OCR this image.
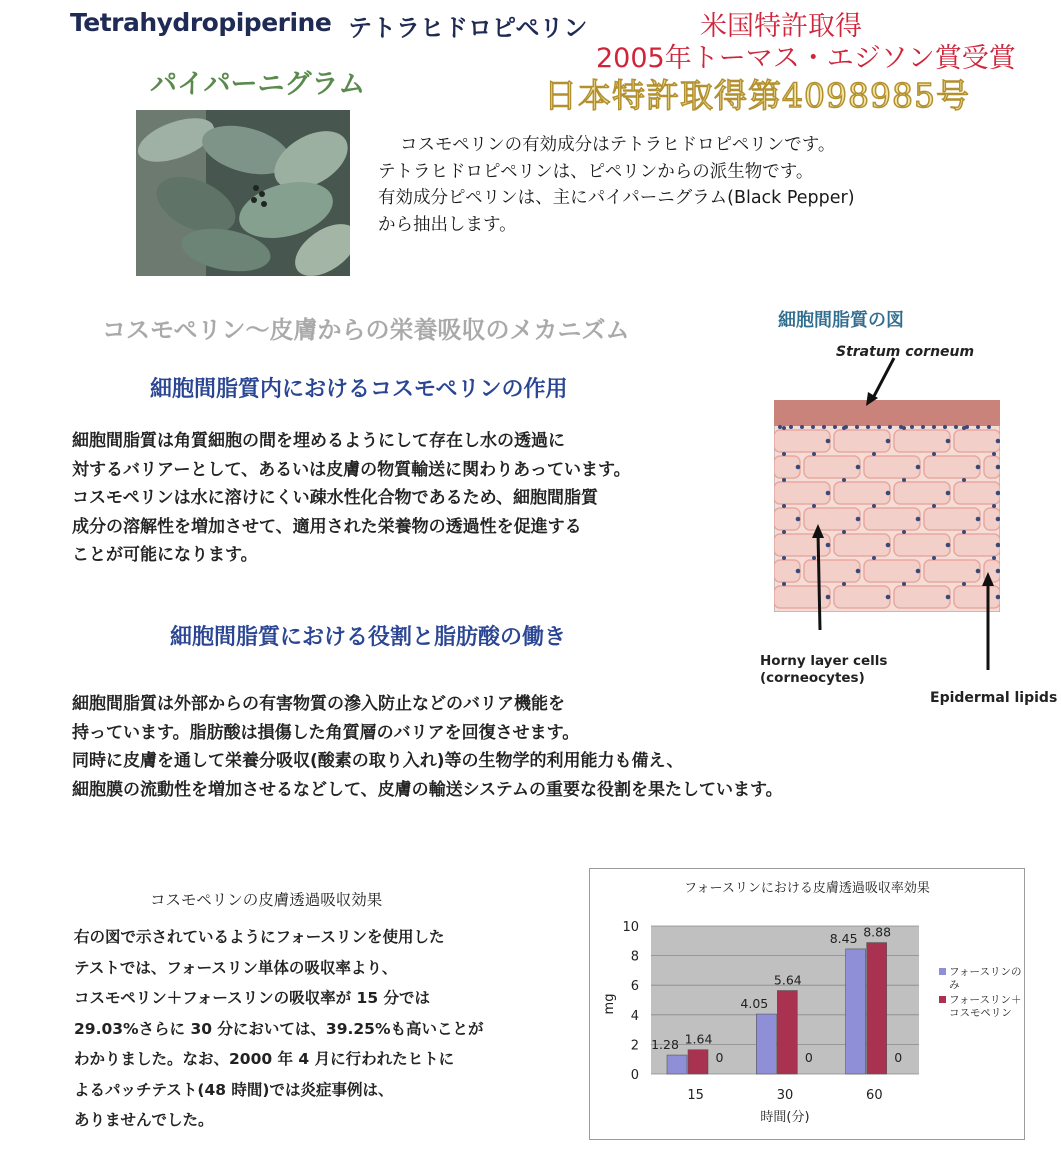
Tetrahydropiperine テトラヒドロピペリン	米国特許取得
2005年トーマス・エジソン賞受賞
日本特許取得第4098985号
パイパーニグラム
コスモペリンの有効成分はテトラヒドロピペリンです。
テトラヒドロピペリンは、ピペリンからの派生物です。
有効成分ピペリンは、主にパイパーニグラム(Black Pepper)
から抽出します。
コスモペリン～皮膚からの栄養吸収のメカニズム	細胞間脂質の図
Stratum corneum
Horny layer cells
(corneocytes)
Epidermal lipids
細胞間脂質内におけるコスモペリンの作用
細胞間脂質は角質細胞の間を埋めるようにして存在し水の透過に
対するバリアーとして、あるいは皮膚の物質輸送に関わりあっています。
コスモペリンは水に溶けにくい疎水性化合物であるため、細胞間脂質
成分の溶解性を増加させて、適用された栄養物の透過性を促進する
ことが可能になります。
細胞間脂質における役割と脂肪酸の働き
細胞間脂質は外部からの有害物質の滲入防止などのバリア機能を
持っています。脂肪酸は損傷した角質層のバリアを回復させます。
同時に皮膚を通して栄養分吸収(酸素の取り入れ)等の生物学的利用能力も備え、
細胞膜の流動性を増加させるなどして、皮膚の輸送システムの重要な役割を果たしています。
コスモペリンの皮膚透過吸収効果
右の図で示されているようにフォースリンを使用した
テストでは、フォースリン単体の吸収率より、
コスモペリン＋フォースリンの吸収率が 15 分では
29.03%さらに 30 分においては、39.25%も高いことが
わかりました。なお、2000 年 4 月に行われたヒトに
よるパッチテスト(48 時間)では炎症事例は、
ありませんでした。
フォースリンにおける皮膚透過吸収率効果
0
2
4
6
8
10
mg
時間(分)
15
1.28 1.64
0
30
4.05
5.64
0
60
8.45 8.88
0
フォースリンの
み
フォースリン＋
コスモペリン
